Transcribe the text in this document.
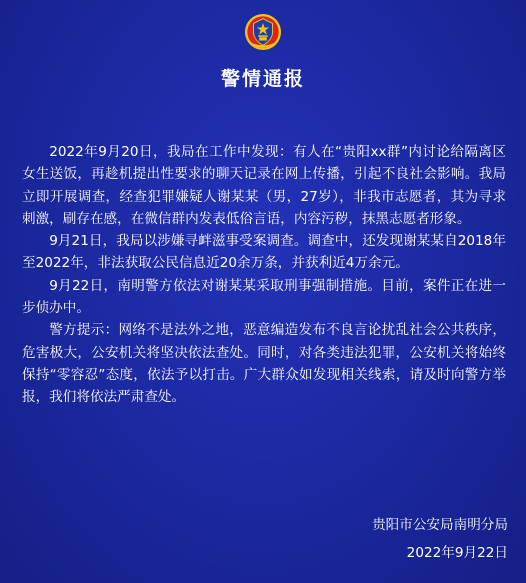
警情通报

2022年9月20日，我局在工作中发现：有人在“贵阳xx群”内讨论给隔离区女生送饭，再趁机提出性要求的聊天记录在网上传播，引起不良社会影响。我局立即开展调查，经查犯罪嫌疑人谢某某（男，27岁），非我市志愿者，其为寻求刺激，刷存在感，在微信群内发表低俗言语，内容污秽，抹黑志愿者形象。

9月21日，我局以涉嫌寻衅滋事受案调查。调查中，还发现谢某某自2018年至2022年，非法获取公民信息近20余万条，并获利近4万余元。

9月22日，南明警方依法对谢某某采取刑事强制措施。目前，案件正在进一步侦办中。

警方提示：网络不是法外之地，恶意编造发布不良言论扰乱社会公共秩序，危害极大，公安机关将坚决依法查处。同时，对各类违法犯罪，公安机关将始终保持“零容忍”态度，依法予以打击。广大群众如发现相关线索，请及时向警方举报，我们将依法严肃查处。

贵阳市公安局南明分局
2022年9月22日
